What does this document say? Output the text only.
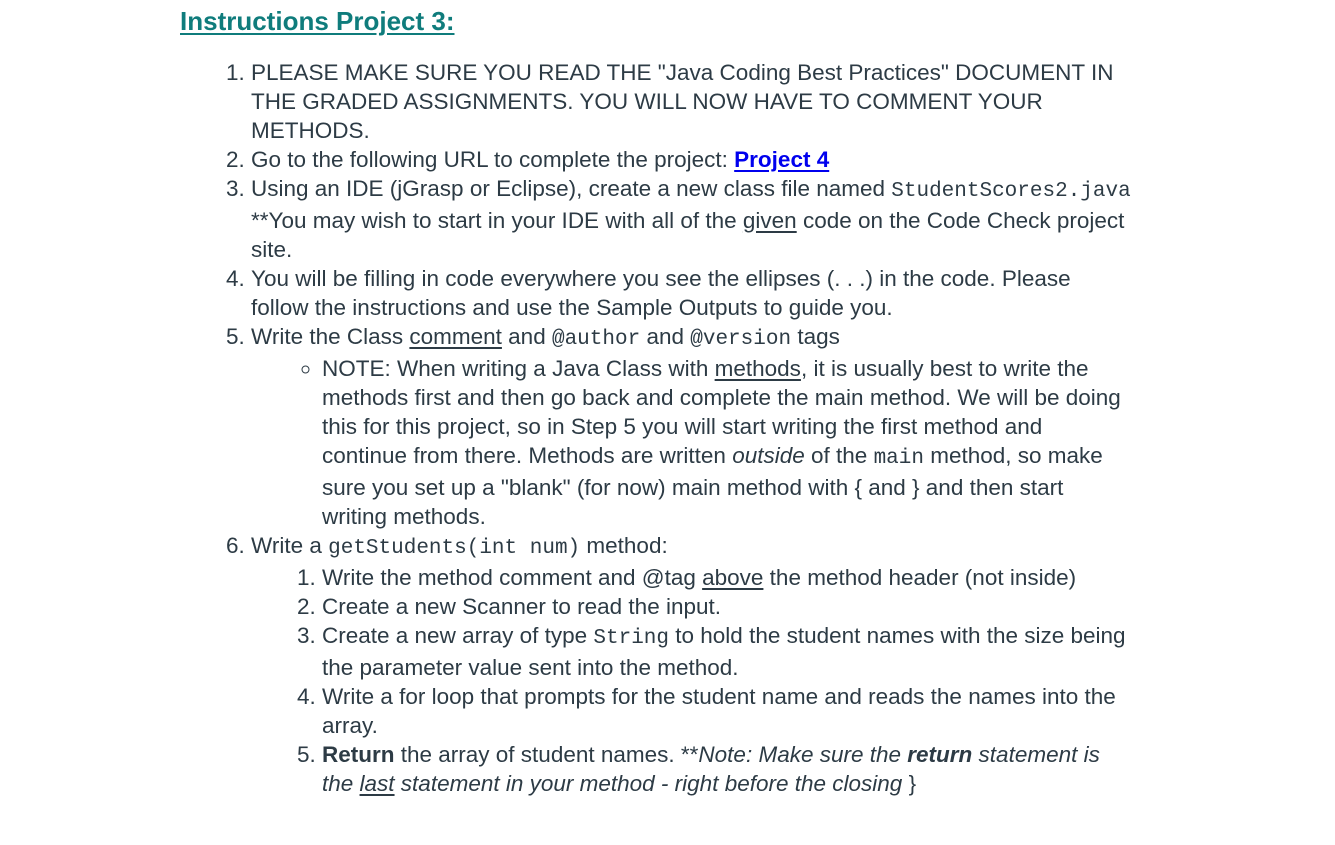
Instructions Project 3:
1. PLEASE MAKE SURE YOU READ THE "Java Coding Best Practices" DOCUMENT IN THE GRADED ASSIGNMENTS. YOU WILL NOW HAVE TO COMMENT YOUR METHODS.
2. Go to the following URL to complete the project: Project 4
3. Using an IDE (jGrasp or Eclipse), create a new class file named StudentScores2.java **You may wish to start in your IDE with all of the given code on the Code Check project site.
4. You will be filling in code everywhere you see the ellipses (. . .) in the code. Please follow the instructions and use the Sample Outputs to guide you.
5. Write the Class comment and @author and @version tags
◦ NOTE: When writing a Java Class with methods, it is usually best to write the methods first and then go back and complete the main method. We will be doing this for this project, so in Step 5 you will start writing the first method and continue from there. Methods are written outside of the main method, so make sure you set up a "blank" (for now) main method with { and } and then start writing methods.
6. Write a getStudents(int num) method:
1. Write the method comment and @tag above the method header (not inside)
2. Create a new Scanner to read the input.
3. Create a new array of type String to hold the student names with the size being the parameter value sent into the method.
4. Write a for loop that prompts for the student name and reads the names into the array.
5. Return the array of student names. **Note: Make sure the return statement is the last statement in your method - right before the closing }
